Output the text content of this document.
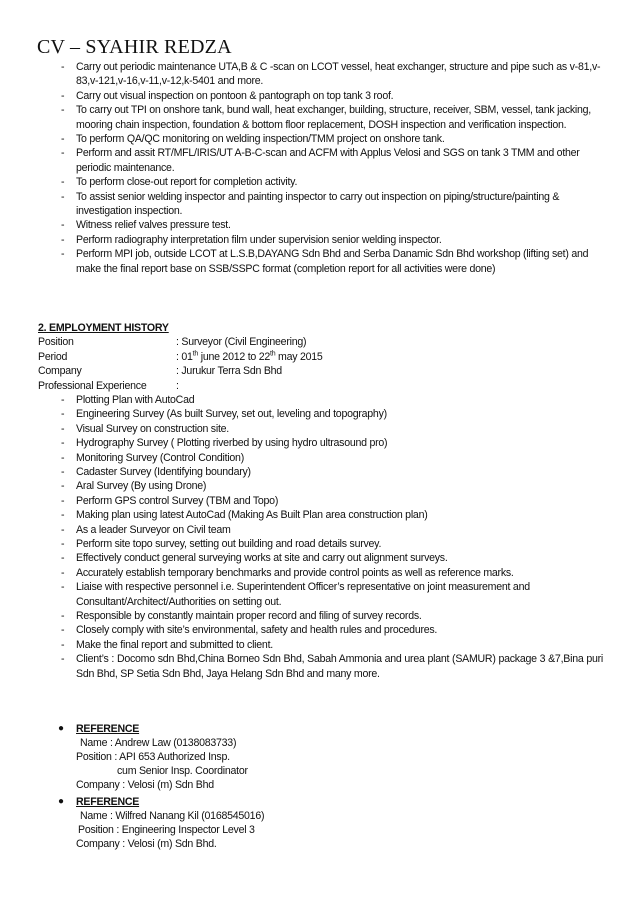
CV – SYAHIR REDZA
- Carry out periodic maintenance UTA,B & C -scan on LCOT vessel, heat exchanger, structure and pipe such as v-81,v-83,v-121,v-16,v-11,v-12,k-5401 and more.
- Carry out visual inspection on pontoon & pantograph on top tank 3 roof.
- To carry out TPI on onshore tank, bund wall, heat exchanger, building, structure, receiver, SBM, vessel, tank jacking, mooring chain inspection, foundation & bottom floor replacement, DOSH inspection and verification inspection.
- To perform QA/QC monitoring on welding inspection/TMM project on onshore tank.
- Perform and assit RT/MFL/IRIS/UT A-B-C-scan and ACFM with Applus Velosi and SGS on tank 3 TMM and other periodic maintenance.
- To perform close-out report for completion activity.
- To assist senior welding inspector and painting inspector to carry out inspection on piping/structure/painting & investigation inspection.
- Witness relief valves pressure test.
- Perform radiography interpretation film under supervision senior welding inspector.
- Perform MPI job, outside LCOT at L.S.B,DAYANG Sdn Bhd and Serba Danamic Sdn Bhd workshop (lifting set) and make the final report base on SSB/SSPC format (completion report for all activities were done)
2. EMPLOYMENT HISTORY
Position	: Surveyor (Civil Engineering)
Period	: 01th june 2012 to 22th may 2015
Company	: Jurukur Terra Sdn Bhd
Professional Experience	:
- Plotting Plan with AutoCad
- Engineering Survey (As built Survey, set out, leveling and topography)
- Visual Survey on construction site.
- Hydrography Survey ( Plotting riverbed by using hydro ultrasound pro)
- Monitoring Survey (Control Condition)
- Cadaster Survey (Identifying boundary)
- Aral Survey (By using Drone)
- Perform GPS control Survey (TBM and Topo)
- Making plan using latest AutoCad (Making As Built Plan area construction plan)
- As a leader Surveyor on Civil team
- Perform site topo survey, setting out building and road details survey.
- Effectively conduct general surveying works at site and carry out alignment surveys.
- Accurately establish temporary benchmarks and provide control points as well as reference marks.
- Liaise with respective personnel i.e. Superintendent Officer’s representative on joint measurement and Consultant/Architect/Authorities on setting out.
- Responsible by constantly maintain proper record and filing of survey records.
- Closely comply with site’s environmental, safety and health rules and procedures.
- Make the final report and submitted to client.
- Client’s : Docomo sdn Bhd,China Borneo Sdn Bhd, Sabah Ammonia and urea plant (SAMUR) package 3 &7,Bina puri Sdn Bhd, SP Setia Sdn Bhd, Jaya Helang Sdn Bhd and many more.
● REFERENCE
Name : Andrew Law (0138083733)
Position : API 653 Authorized Insp.
cum Senior Insp. Coordinator
Company : Velosi (m) Sdn Bhd
● REFERENCE
Name : Wilfred Nanang Kil (0168545016)
Position : Engineering Inspector Level 3
Company : Velosi (m) Sdn Bhd.
